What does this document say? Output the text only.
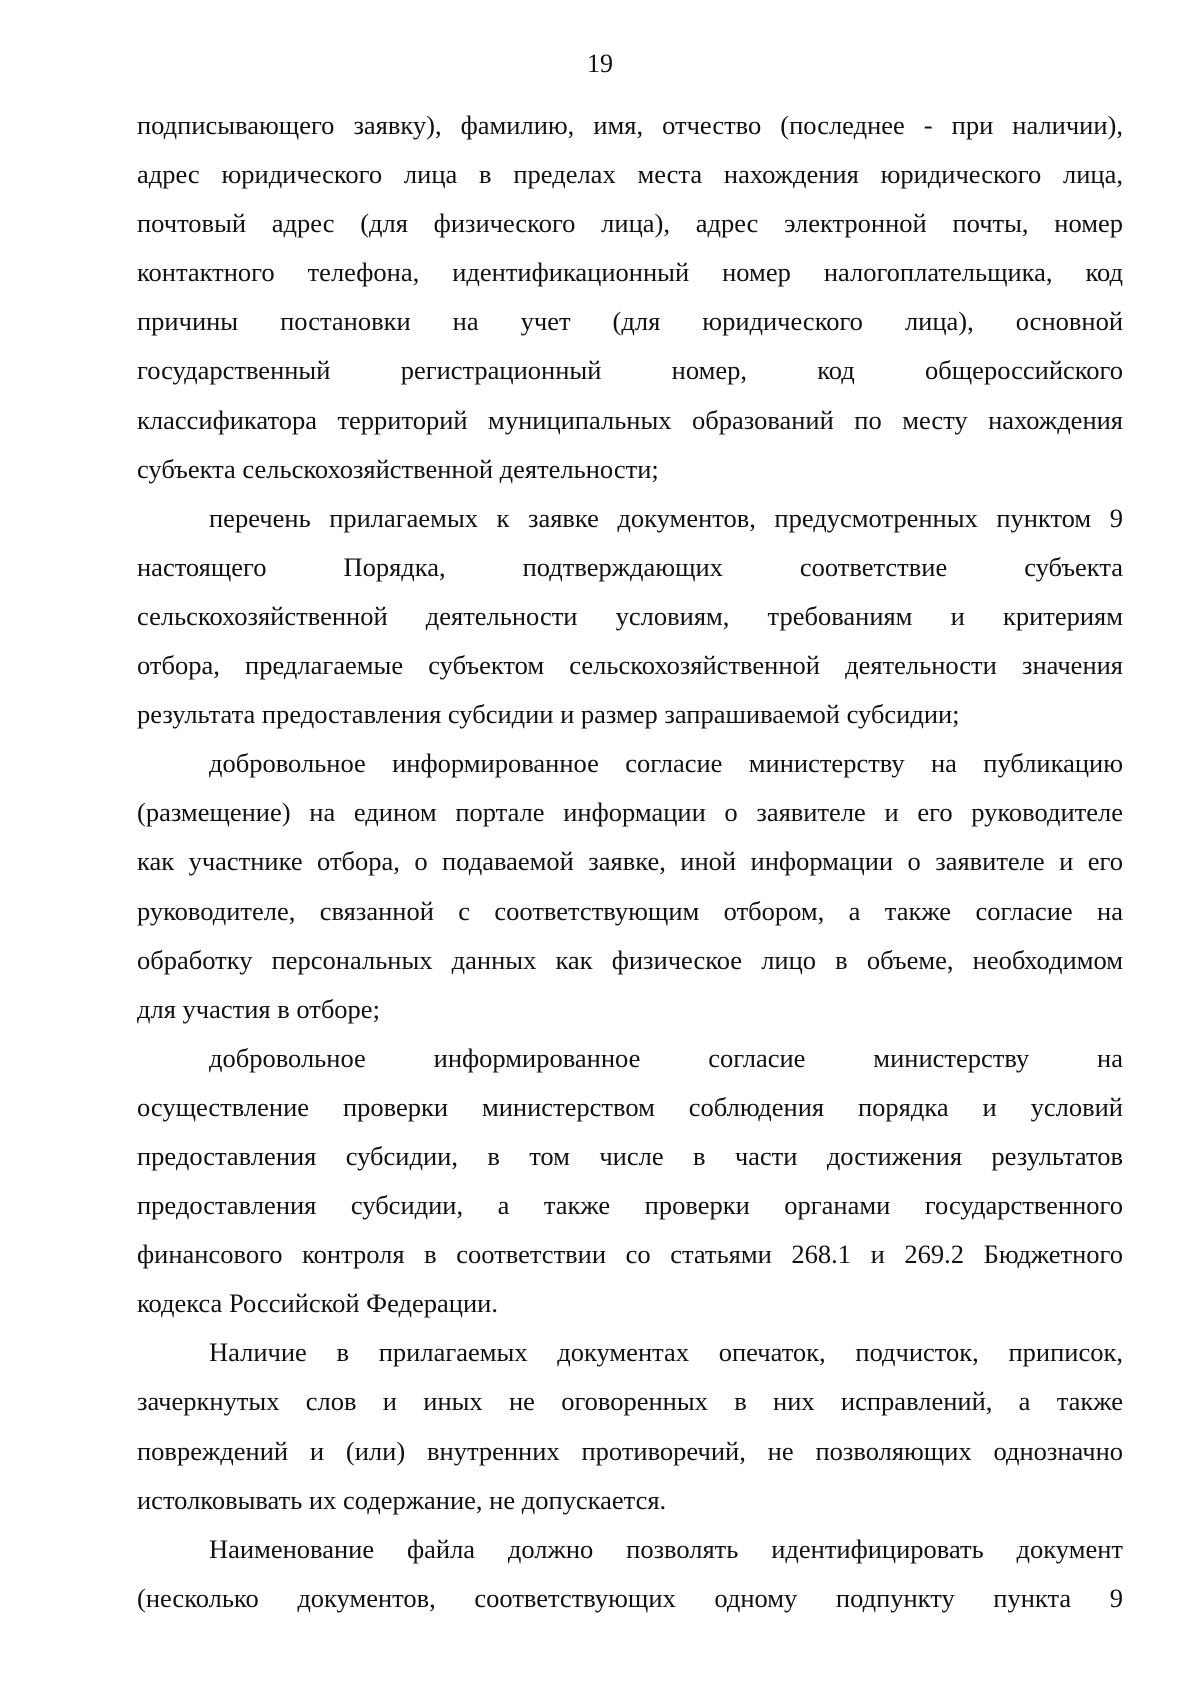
19
подписывающего заявку), фамилию, имя, отчество (последнее - при наличии),
адрес юридического лица в пределах места нахождения юридического лица,
почтовый адрес (для физического лица), адрес электронной почты, номер
контактного телефона, идентификационный номер налогоплательщика, код
причины постановки на учет (для юридического лица), основной
государственный регистрационный номер, код общероссийского
классификатора территорий муниципальных образований по месту нахождения
субъекта сельскохозяйственной деятельности;
перечень прилагаемых к заявке документов, предусмотренных пунктом 9
настоящего Порядка, подтверждающих соответствие субъекта
сельскохозяйственной деятельности условиям, требованиям и критериям
отбора, предлагаемые субъектом сельскохозяйственной деятельности значения
результата предоставления субсидии и размер запрашиваемой субсидии;
добровольное информированное согласие министерству на публикацию
(размещение) на едином портале информации о заявителе и его руководителе
как участнике отбора, о подаваемой заявке, иной информации о заявителе и его
руководителе, связанной с соответствующим отбором, а также согласие на
обработку персональных данных как физическое лицо в объеме, необходимом
для участия в отборе;
добровольное информированное согласие министерству на
осуществление проверки министерством соблюдения порядка и условий
предоставления субсидии, в том числе в части достижения результатов
предоставления субсидии, а также проверки органами государственного
финансового контроля в соответствии со статьями 268.1 и 269.2 Бюджетного
кодекса Российской Федерации.
Наличие в прилагаемых документах опечаток, подчисток, приписок,
зачеркнутых слов и иных не оговоренных в них исправлений, а также
повреждений и (или) внутренних противоречий, не позволяющих однозначно
истолковывать их содержание, не допускается.
Наименование файла должно позволять идентифицировать документ
(несколько документов, соответствующих одному подпункту пункта 9
